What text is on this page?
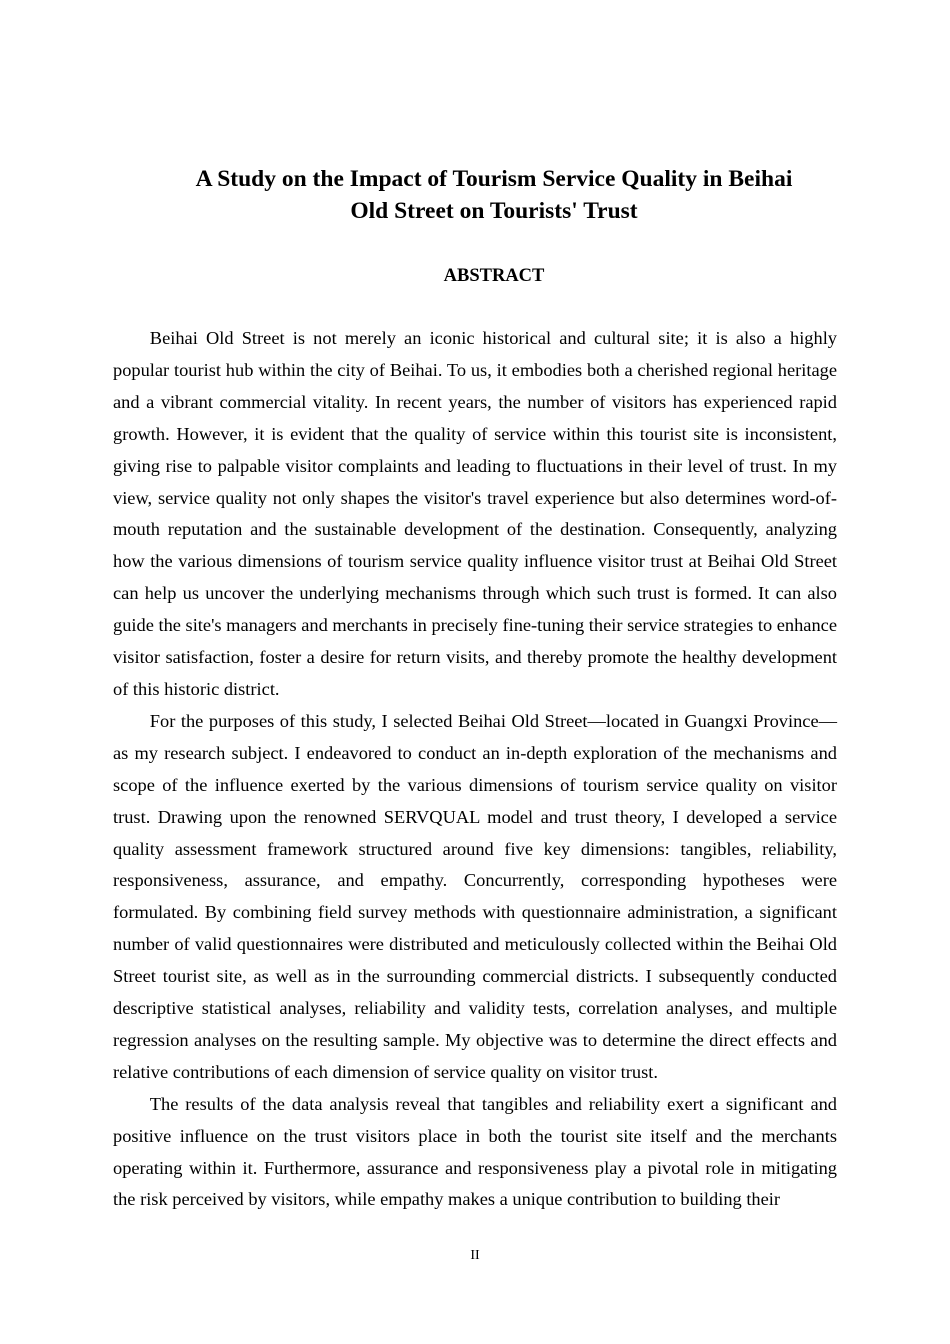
A Study on the Impact of Tourism Service Quality in Beihai
Old Street on Tourists' Trust
ABSTRACT

Beihai Old Street is not merely an iconic historical and cultural site; it is also a highly popular tourist hub within the city of Beihai. To us, it embodies both a cherished regional heritage and a vibrant commercial vitality. In recent years, the number of visitors has experienced rapid growth. However, it is evident that the quality of service within this tourist site is inconsistent, giving rise to palpable visitor complaints and leading to fluctuations in their level of trust. In my view, service quality not only shapes the visitor's travel experience but also determines word-of-mouth reputation and the sustainable development of the destination. Consequently, analyzing how the various dimensions of tourism service quality influence visitor trust at Beihai Old Street can help us uncover the underlying mechanisms through which such trust is formed. It can also guide the site's managers and merchants in precisely fine-tuning their service strategies to enhance visitor satisfaction, foster a desire for return visits, and thereby promote the healthy development of this historic district.

For the purposes of this study, I selected Beihai Old Street—located in Guangxi Province—as my research subject. I endeavored to conduct an in-depth exploration of the mechanisms and scope of the influence exerted by the various dimensions of tourism service quality on visitor trust. Drawing upon the renowned SERVQUAL model and trust theory, I developed a service quality assessment framework structured around five key dimensions: tangibles, reliability, responsiveness, assurance, and empathy. Concurrently, corresponding hypotheses were formulated. By combining field survey methods with questionnaire administration, a significant number of valid questionnaires were distributed and meticulously collected within the Beihai Old Street tourist site, as well as in the surrounding commercial districts. I subsequently conducted descriptive statistical analyses, reliability and validity tests, correlation analyses, and multiple regression analyses on the resulting sample. My objective was to determine the direct effects and relative contributions of each dimension of service quality on visitor trust.

The results of the data analysis reveal that tangibles and reliability exert a significant and positive influence on the trust visitors place in both the tourist site itself and the merchants operating within it. Furthermore, assurance and responsiveness play a pivotal role in mitigating the risk perceived by visitors, while empathy makes a unique contribution to building their

II
